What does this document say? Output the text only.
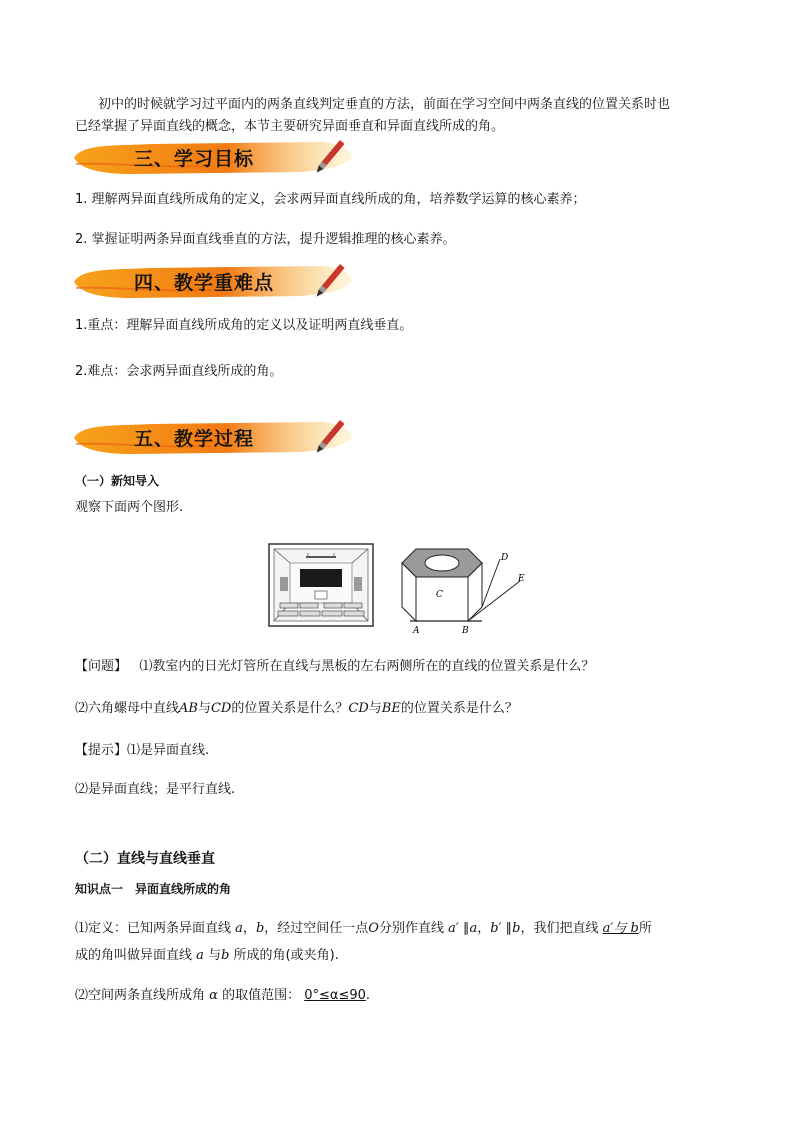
初中的时候就学习过平面内的两条直线判定垂直的方法，前面在学习空间中两条直线的位置关系时也
已经掌握了异面直线的概念，本节主要研究异面垂直和异面直线所成的角。
三、学习目标
1. 理解两异面直线所成角的定义，会求两异面直线所成的角，培养数学运算的核心素养；
2. 掌握证明两条异面直线垂直的方法，提升逻辑推理的核心素养。
四、教学重难点
1.重点：理解异面直线所成角的定义以及证明两直线垂直。
2.难点：会求两异面直线所成的角。
五、教学过程
（一）新知导入
观察下面两个图形.
C
D
E
A	B
【问题】 ⑴教室内的日光灯管所在直线与黑板的左右两侧所在的直线的位置关系是什么？
⑵六角螺母中直线AB与CD的位置关系是什么？CD与BE的位置关系是什么？
【提示】⑴是异面直线.
⑵是异面直线；是平行直线.
（二）直线与直线垂直
知识点一　异面直线所成的角
⑴定义：已知两条异面直线 a，b，经过空间任一点O分别作直线 a′ ∥a，b′ ∥b，我们把直线 a′与 b所
成的角叫做异面直线 a 与b 所成的角(或夹角).
⑵空间两条直线所成角 α 的取值范围： 0°≤α≤90.
